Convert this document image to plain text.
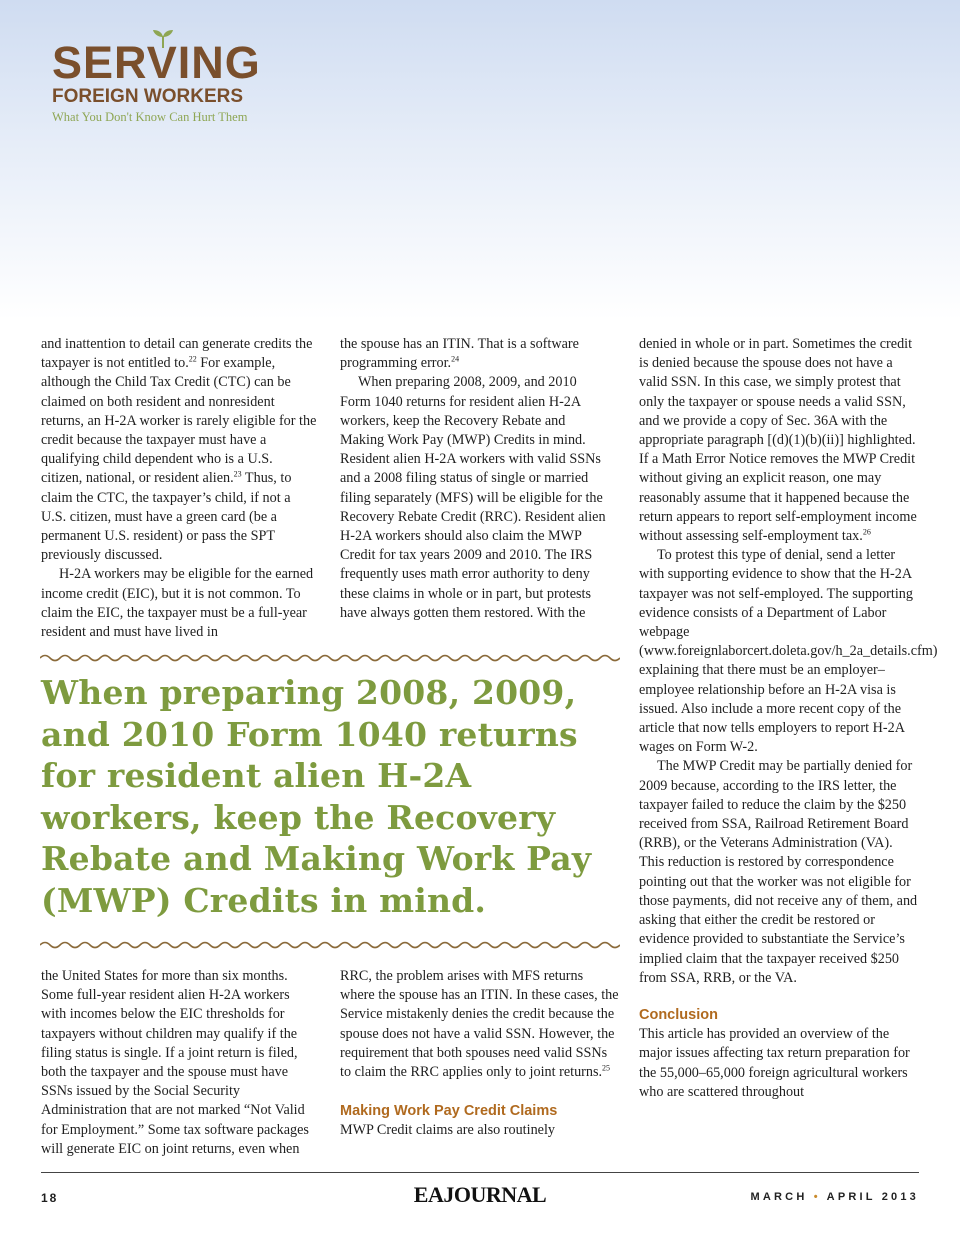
SERVING
FOREIGN WORKERS
What You Don't Know Can Hurt Them

and inattention to detail can generate credits the taxpayer is not entitled to.$^{22}$ For example, although the Child Tax Credit (CTC) can be claimed on both resident and nonresident returns, an H-2A worker is rarely eligible for the credit because the taxpayer must have a qualifying child dependent who is a U.S. citizen, national, or resident alien.$^{23}$ Thus, to claim the CTC, the taxpayer’s child, if not a U.S. citizen, must have a green card (be a permanent U.S. resident) or pass the SPT previously discussed.

H-2A workers may be eligible for the earned income credit (EIC), but it is not common. To claim the EIC, the taxpayer must be a full-year resident and must have lived in

the spouse has an ITIN. That is a software programming error.$^{24}$

When preparing 2008, 2009, and 2010 Form 1040 returns for resident alien H-2A workers, keep the Recovery Rebate and Making Work Pay (MWP) Credits in mind. Resident alien H-2A workers with valid SSNs and a 2008 filing status of single or married filing separately (MFS) will be eligible for the Recovery Rebate Credit (RRC). Resident alien H-2A workers should also claim the MWP Credit for tax years 2009 and 2010. The IRS frequently uses math error authority to deny these claims in whole or in part, but protests have always gotten them restored. With the

When preparing 2008, 2009, and 2010 Form 1040 returns for resident alien H-2A workers, keep the Recovery Rebate and Making Work Pay (MWP) Credits in mind.

the United States for more than six months. Some full-year resident alien H-2A workers with incomes below the EIC thresholds for taxpayers without children may qualify if the filing status is single. If a joint return is filed, both the taxpayer and the spouse must have SSNs issued by the Social Security Administration that are not marked “Not Valid for Employment.” Some tax software packages will generate EIC on joint returns, even when

RRC, the problem arises with MFS returns where the spouse has an ITIN. In these cases, the Service mistakenly denies the credit because the spouse does not have a valid SSN. However, the requirement that both spouses need valid SSNs to claim the RRC applies only to joint returns.$^{25}$

Making Work Pay Credit Claims

MWP Credit claims are also routinely

denied in whole or in part. Sometimes the credit is denied because the spouse does not have a valid SSN. In this case, we simply protest that only the taxpayer or spouse needs a valid SSN, and we provide a copy of Sec. 36A with the appropriate paragraph [(d)(1)(b)(ii)] highlighted. If a Math Error Notice removes the MWP Credit without giving an explicit reason, one may reasonably assume that it happened because the return appears to report self-employment income without assessing self-employment tax.$^{26}$

To protest this type of denial, send a letter with supporting evidence to show that the H-2A taxpayer was not self-employed. The supporting evidence consists of a Department of Labor webpage (www.foreignlaborcert.doleta.gov/h_2a_details.cfm) explaining that there must be an employer–employee relationship before an H-2A visa is issued. Also include a more recent copy of the article that now tells employers to report H-2A wages on Form W-2.

The MWP Credit may be partially denied for 2009 because, according to the IRS letter, the taxpayer failed to reduce the claim by the $250 received from SSA, Railroad Retirement Board (RRB), or the Veterans Administration (VA). This reduction is restored by correspondence pointing out that the worker was not eligible for those payments, did not receive any of them, and asking that either the credit be restored or evidence provided to substantiate the Service’s implied claim that the taxpayer received $250 from SSA, RRB, or the VA.

Conclusion

This article has provided an overview of the major issues affecting tax return preparation for the 55,000–65,000 foreign agricultural workers who are scattered throughout

18	EAJOURNAL	MARCH • APRIL 2013
